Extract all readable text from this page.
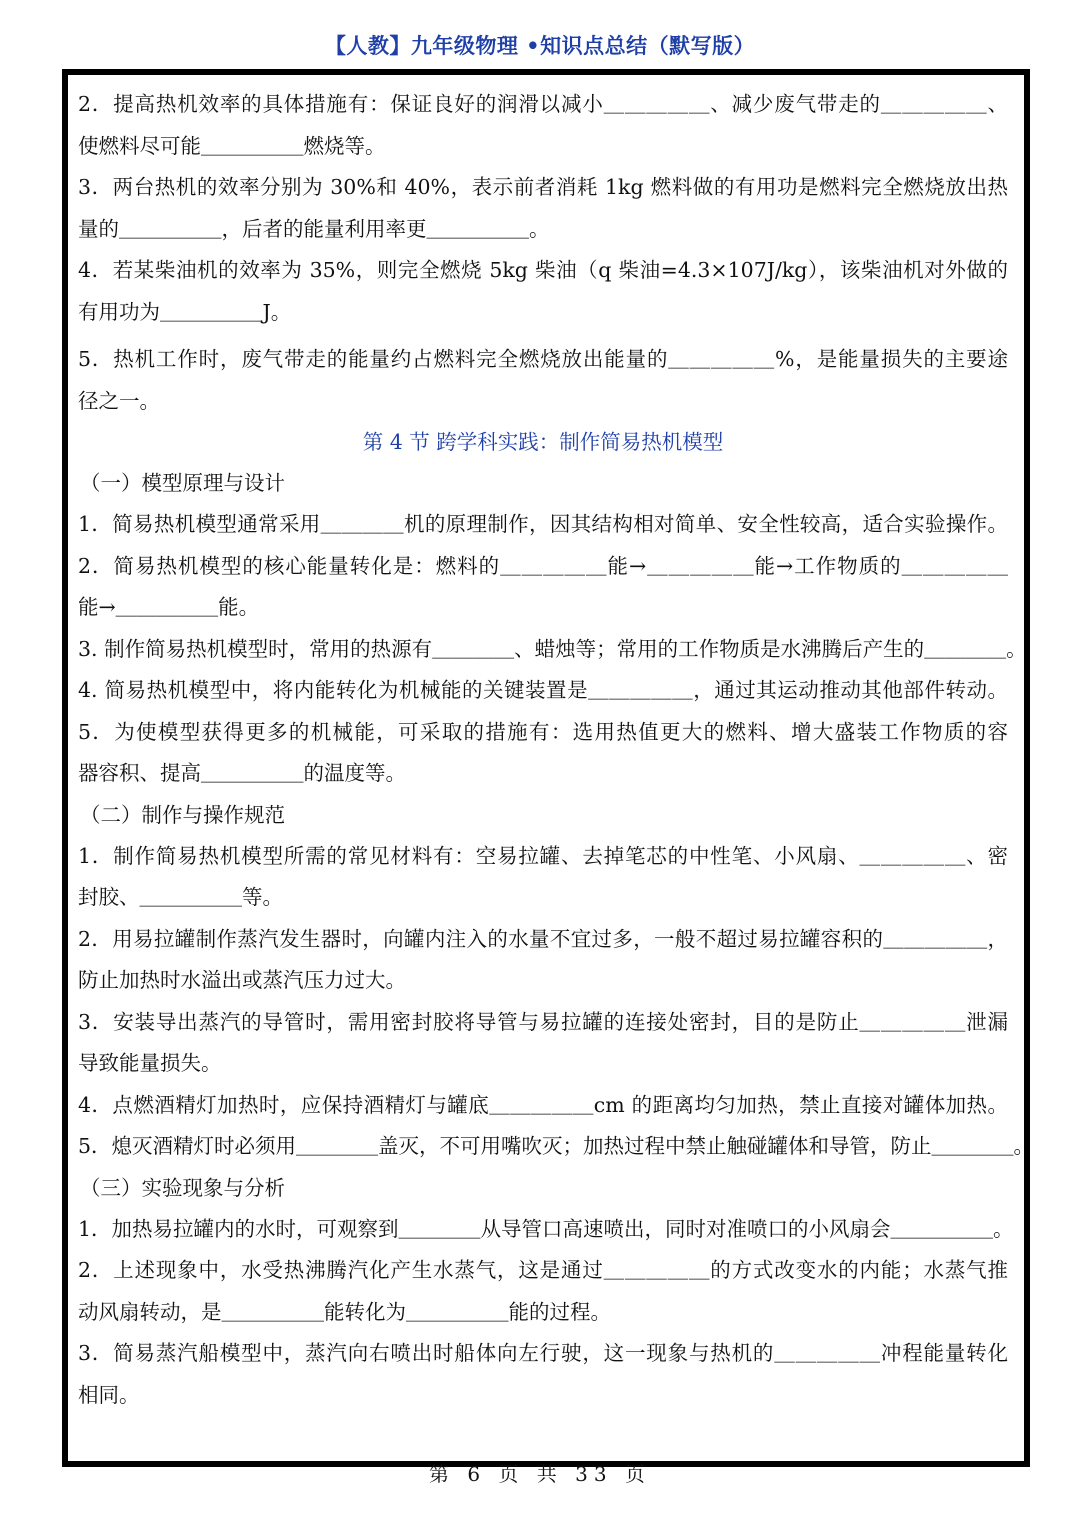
【人教】九年级物理 •知识点总结（默写版）
2．提高热机效率的具体措施有：保证良好的润滑以减小＿＿＿＿＿、减少废气带走的＿＿＿＿＿、
使燃料尽可能＿＿＿＿＿燃烧等。
3．两台热机的效率分别为 30%和 40%，表示前者消耗 1kg 燃料做的有用功是燃料完全燃烧放出热
量的＿＿＿＿＿，后者的能量利用率更＿＿＿＿＿。
4．若某柴油机的效率为 35%，则完全燃烧 5kg 柴油（q 柴油=4.3×107J/kg），该柴油机对外做的
有用功为＿＿＿＿＿J。
5．热机工作时，废气带走的能量约占燃料完全燃烧放出能量的＿＿＿＿＿%，是能量损失的主要途
径之一。
第 4 节 跨学科实践：制作简易热机模型
（一）模型原理与设计
1．简易热机模型通常采用＿＿＿＿机的原理制作，因其结构相对简单、安全性较高，适合实验操作。
2．简易热机模型的核心能量转化是：燃料的＿＿＿＿＿能→＿＿＿＿＿能→工作物质的＿＿＿＿＿
能→＿＿＿＿＿能。
3. 制作简易热机模型时，常用的热源有＿＿＿＿、蜡烛等；常用的工作物质是水沸腾后产生的＿＿＿＿。
4. 简易热机模型中，将内能转化为机械能的关键装置是＿＿＿＿＿，通过其运动推动其他部件转动。
5．为使模型获得更多的机械能，可采取的措施有：选用热值更大的燃料、增大盛装工作物质的容
器容积、提高＿＿＿＿＿的温度等。
（二）制作与操作规范
1．制作简易热机模型所需的常见材料有：空易拉罐、去掉笔芯的中性笔、小风扇、＿＿＿＿＿、密
封胶、＿＿＿＿＿等。
2．用易拉罐制作蒸汽发生器时，向罐内注入的水量不宜过多，一般不超过易拉罐容积的＿＿＿＿＿，
防止加热时水溢出或蒸汽压力过大。
3．安装导出蒸汽的导管时，需用密封胶将导管与易拉罐的连接处密封，目的是防止＿＿＿＿＿泄漏
导致能量损失。
4．点燃酒精灯加热时，应保持酒精灯与罐底＿＿＿＿＿cm 的距离均匀加热，禁止直接对罐体加热。
5．熄灭酒精灯时必须用＿＿＿＿盖灭，不可用嘴吹灭；加热过程中禁止触碰罐体和导管，防止＿＿＿＿。
（三）实验现象与分析
1．加热易拉罐内的水时，可观察到＿＿＿＿从导管口高速喷出，同时对准喷口的小风扇会＿＿＿＿＿。
2．上述现象中，水受热沸腾汽化产生水蒸气，这是通过＿＿＿＿＿的方式改变水的内能；水蒸气推
动风扇转动，是＿＿＿＿＿能转化为＿＿＿＿＿能的过程。
3．简易蒸汽船模型中，蒸汽向右喷出时船体向左行驶，这一现象与热机的＿＿＿＿＿冲程能量转化
相同。
第 6 页 共 33 页
